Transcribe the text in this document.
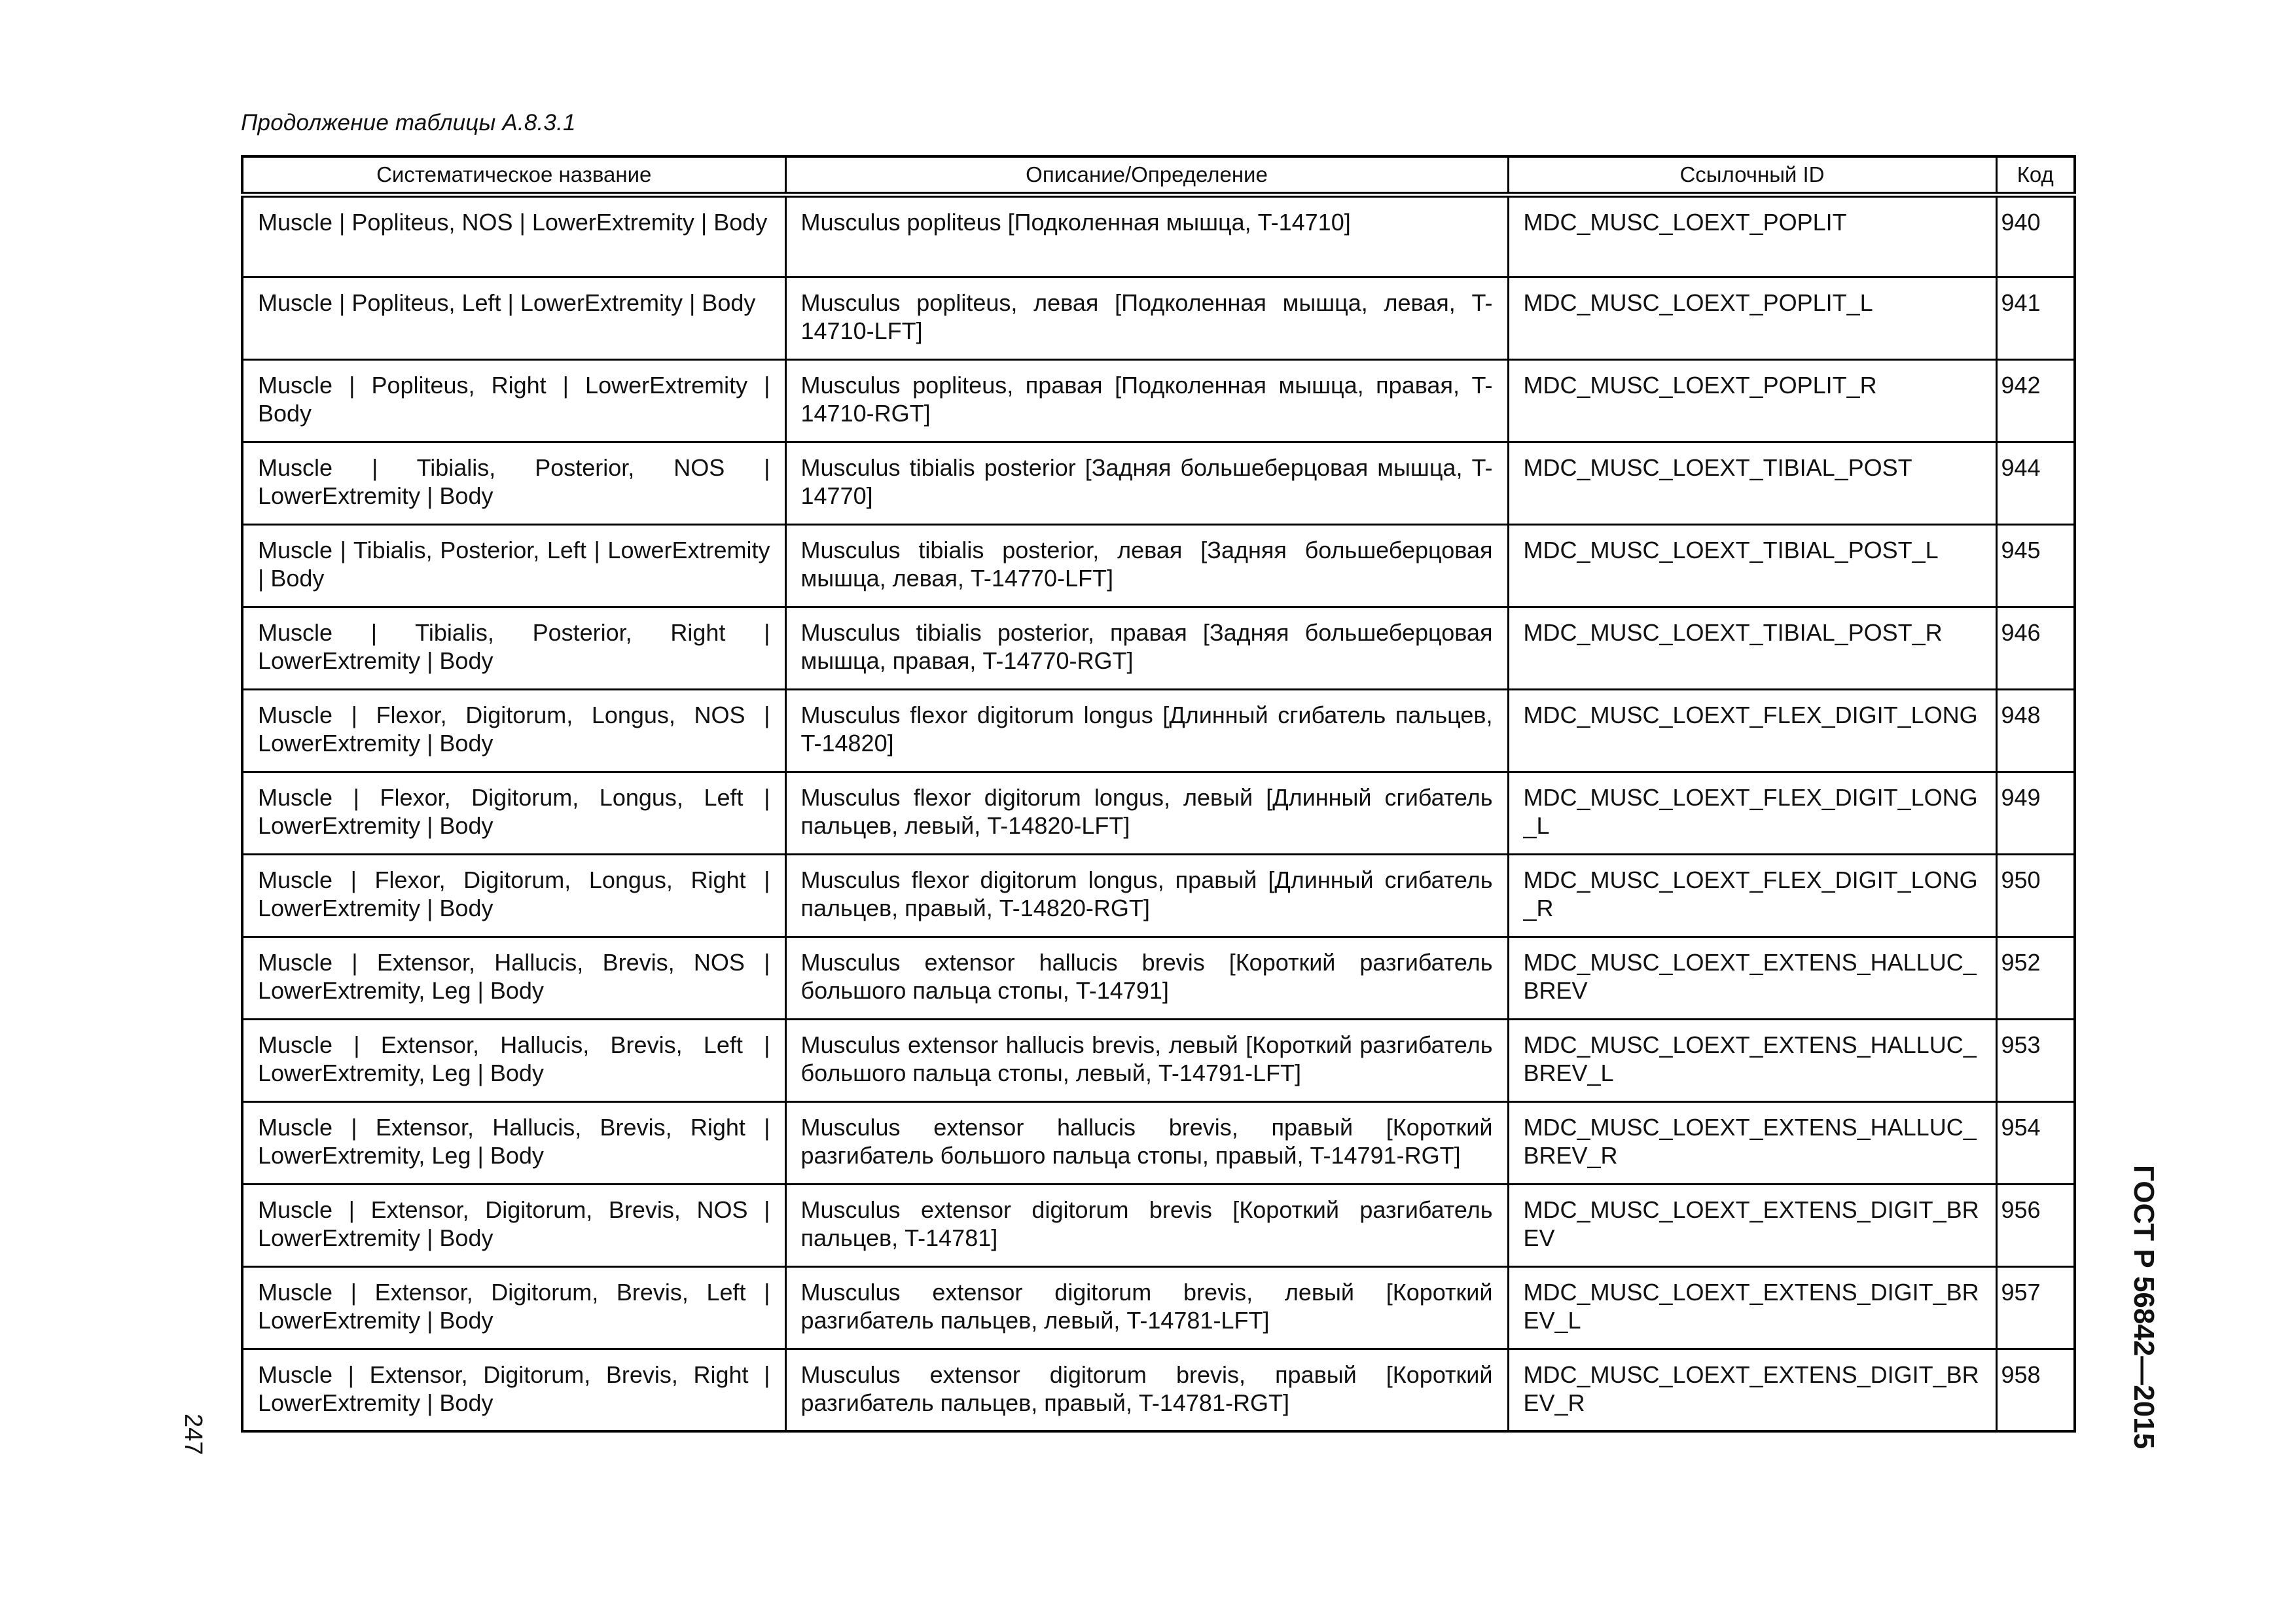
Продолжение таблицы А.8.3.1
Систематическое название	Описание/Определение	Ссылочный ID	Код
Muscle | Popliteus, NOS | LowerExtremity | Body	Musculus popliteus [Подколенная мышца, T-14710]	MDC_MUSC_LOEXT_POPLIT	940
Muscle | Popliteus, Left | LowerExtremity | Body	Musculus popliteus, левая [Подколенная мышца, левая, T-14710-LFT]	MDC_MUSC_LOEXT_POPLIT_L	941
Muscle | Popliteus, Right | LowerExtremity | Body	Musculus popliteus, правая [Подколенная мышца, правая, T-14710-RGT]	MDC_MUSC_LOEXT_POPLIT_R	942
Muscle | Tibialis, Posterior, NOS | LowerExtremity | Body	Musculus tibialis posterior [Задняя большеберцовая мышца, T-14770]	MDC_MUSC_LOEXT_TIBIAL_POST	944
Muscle | Tibialis, Posterior, Left | LowerExtremity | Body	Musculus tibialis posterior, левая [Задняя большеберцовая мышца, левая, T-14770-LFT]	MDC_MUSC_LOEXT_TIBIAL_POST_L	945
Muscle | Tibialis, Posterior, Right | LowerExtremity | Body	Musculus tibialis posterior, правая [Задняя большеберцовая мышца, правая, T-14770-RGT]	MDC_MUSC_LOEXT_TIBIAL_POST_R	946
Muscle | Flexor, Digitorum, Longus, NOS | LowerExtremity | Body	Musculus flexor digitorum longus [Длинный сгибатель пальцев, T-14820]	MDC_MUSC_LOEXT_FLEX_DIGIT_LONG	948
Muscle | Flexor, Digitorum, Longus, Left | LowerExtremity | Body	Musculus flexor digitorum longus, левый [Длинный сгибатель пальцев, левый, T-14820-LFT]	MDC_MUSC_LOEXT_FLEX_DIGIT_LONG_L	949
Muscle | Flexor, Digitorum, Longus, Right | LowerExtremity | Body	Musculus flexor digitorum longus, правый [Длинный сгибатель пальцев, правый, T-14820-RGT]	MDC_MUSC_LOEXT_FLEX_DIGIT_LONG_R	950
Muscle | Extensor, Hallucis, Brevis, NOS | LowerExtremity, Leg | Body	Musculus extensor hallucis brevis [Короткий разгибатель большого пальца стопы, T-14791]	MDC_MUSC_LOEXT_EXTENS_HALLUC_BREV	952
Muscle | Extensor, Hallucis, Brevis, Left | LowerExtremity, Leg | Body	Musculus extensor hallucis brevis, левый [Короткий разгибатель большого пальца стопы, левый, T-14791-LFT]	MDC_MUSC_LOEXT_EXTENS_HALLUC_BREV_L	953
Muscle | Extensor, Hallucis, Brevis, Right | LowerExtremity, Leg | Body	Musculus extensor hallucis brevis, правый [Короткий разгибатель большого пальца стопы, правый, T-14791-RGT]	MDC_MUSC_LOEXT_EXTENS_HALLUC_BREV_R	954
Muscle | Extensor, Digitorum, Brevis, NOS | LowerExtremity | Body	Musculus extensor digitorum brevis [Короткий разгибатель пальцев, T-14781]	MDC_MUSC_LOEXT_EXTENS_DIGIT_BREV	956
Muscle | Extensor, Digitorum, Brevis, Left | LowerExtremity | Body	Musculus extensor digitorum brevis, левый [Короткий разгибатель пальцев, левый, T-14781-LFT]	MDC_MUSC_LOEXT_EXTENS_DIGIT_BREV_L	957
Muscle | Extensor, Digitorum, Brevis, Right | LowerExtremity | Body	Musculus extensor digitorum brevis, правый [Короткий разгибатель пальцев, правый, T-14781-RGT]	MDC_MUSC_LOEXT_EXTENS_DIGIT_BREV_R	958
247	ГОСТ Р 56842—2015
